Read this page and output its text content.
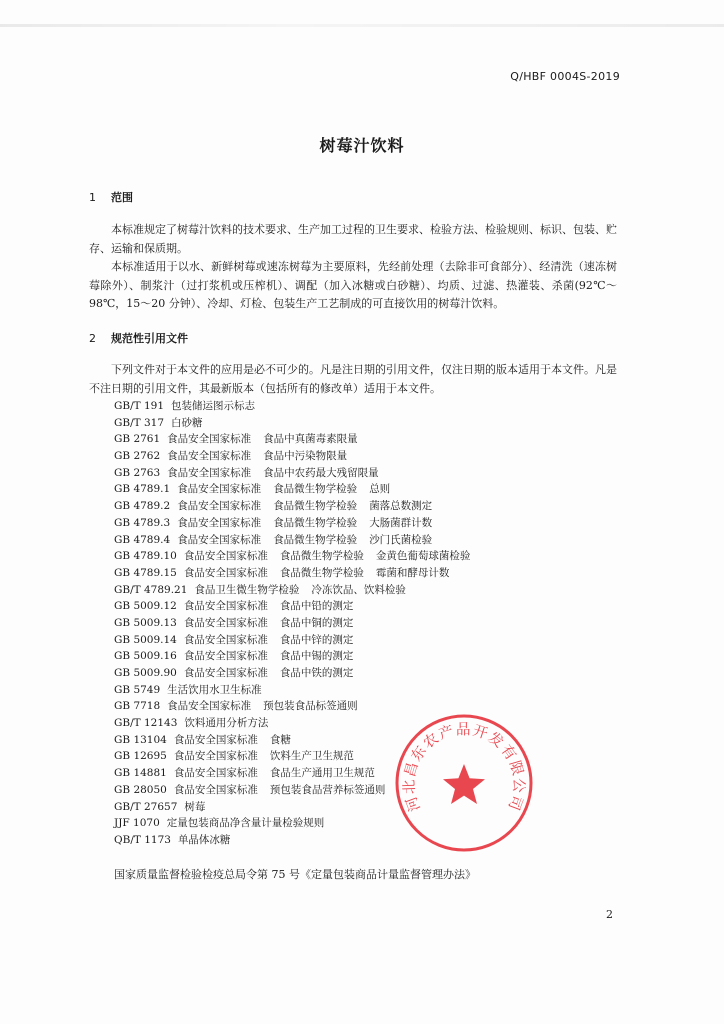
Q/HBF 0004S-2019
树莓汁饮料
1 范围

本标准规定了树莓汁饮料的技术要求、生产加工过程的卫生要求、检验方法、检验规则、标识、包装、贮存、运输和保质期。

本标准适用于以水、新鲜树莓或速冻树莓为主要原料，先经前处理（去除非可食部分）、经清洗（速冻树莓除外）、制浆汁（过打浆机或压榨机）、调配（加入冰糖或白砂糖）、均质、过滤、热灌装、杀菌(92℃～98℃，15～20 分钟）、冷却、灯检、包装生产工艺制成的可直接饮用的树莓汁饮料。

2 规范性引用文件

下列文件对于本文件的应用是必不可少的。凡是注日期的引用文件，仅注日期的版本适用于本文件。凡是不注日期的引用文件，其最新版本（包括所有的修改单）适用于本文件。

GB/T 191 包装储运图示标志
GB/T 317 白砂糖
GB 2761 食品安全国家标准 食品中真菌毒素限量
GB 2762 食品安全国家标准 食品中污染物限量
GB 2763 食品安全国家标准 食品中农药最大残留限量
GB 4789.1 食品安全国家标准 食品微生物学检验 总则
GB 4789.2 食品安全国家标准 食品微生物学检验 菌落总数测定
GB 4789.3 食品安全国家标准 食品微生物学检验 大肠菌群计数
GB 4789.4 食品安全国家标准 食品微生物学检验 沙门氏菌检验
GB 4789.10 食品安全国家标准 食品微生物学检验 金黄色葡萄球菌检验
GB 4789.15 食品安全国家标准 食品微生物学检验 霉菌和酵母计数
GB/T 4789.21 食品卫生微生物学检验 冷冻饮品、饮料检验
GB 5009.12 食品安全国家标准 食品中铅的测定
GB 5009.13 食品安全国家标准 食品中铜的测定
GB 5009.14 食品安全国家标准 食品中锌的测定
GB 5009.16 食品安全国家标准 食品中锡的测定
GB 5009.90 食品安全国家标准 食品中铁的测定
GB 5749 生活饮用水卫生标准
GB 7718 食品安全国家标准 预包装食品标签通则
GB/T 12143 饮料通用分析方法
GB 13104 食品安全国家标准 食糖
GB 12695 食品安全国家标准 饮料生产卫生规范
GB 14881 食品安全国家标准 食品生产通用卫生规范
GB 28050 食品安全国家标准 预包装食品营养标签通则
GB/T 27657 树莓
JJF 1070 定量包装商品净含量计量检验规则
QB/T 1173 单晶体冰糖
国家质量监督检验检疫总局令第 75 号《定量包装商品计量监督管理办法》
2
河北昌东农产品开发有限公司
